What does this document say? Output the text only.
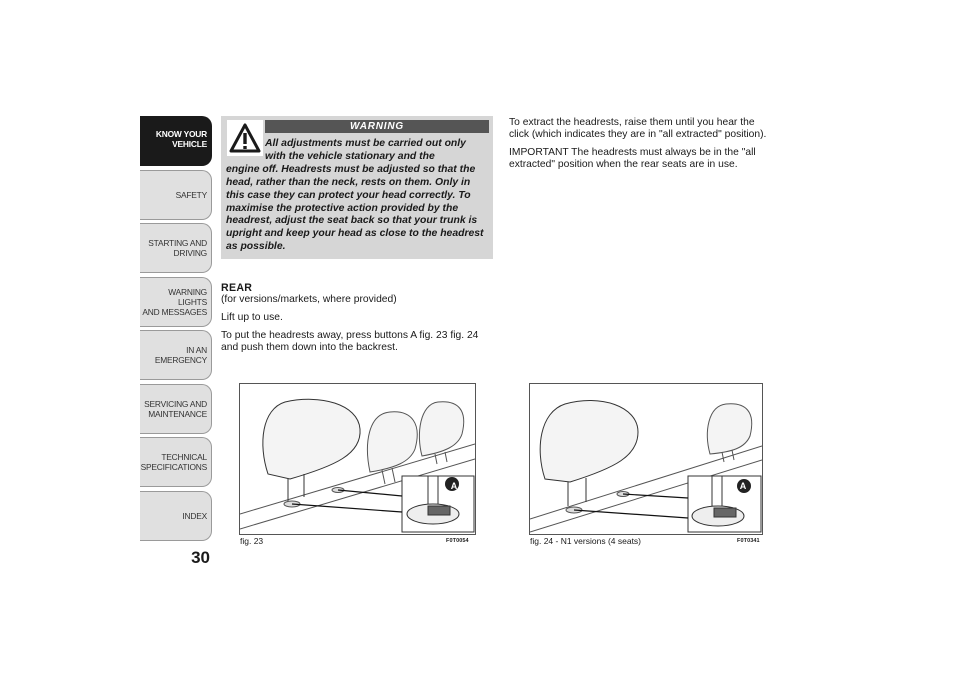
KNOW YOUR
VEHICLE
SAFETY
STARTING AND
DRIVING
WARNING LIGHTS
AND MESSAGES
IN AN EMERGENCY
SERVICING AND
MAINTENANCE
TECHNICAL
SPECIFICATIONS
INDEX
30
WARNING
All adjustments must be carried out only
with the vehicle stationary and the
engine off. Headrests must be adjusted so that the head, rather than the neck, rests on them. Only in this case they can protect your head correctly. To maximise the protective action provided by the headrest, adjust the seat back so that your trunk is upright and keep your head as close to the headrest as possible.
REAR

(for versions/markets, where provided)

Lift up to use.

To put the headrests away, press buttons A fig. 23 fig. 24 and push them down into the backrest.

To extract the headrests, raise them until you hear the click (which indicates they are in "all extracted" position).

IMPORTANT The headrests must always be in the "all extracted" position when the rear seats are in use.

fig. 23	F0T0054
A
fig. 24 - N1 versions (4 seats)	F0T0341
A
